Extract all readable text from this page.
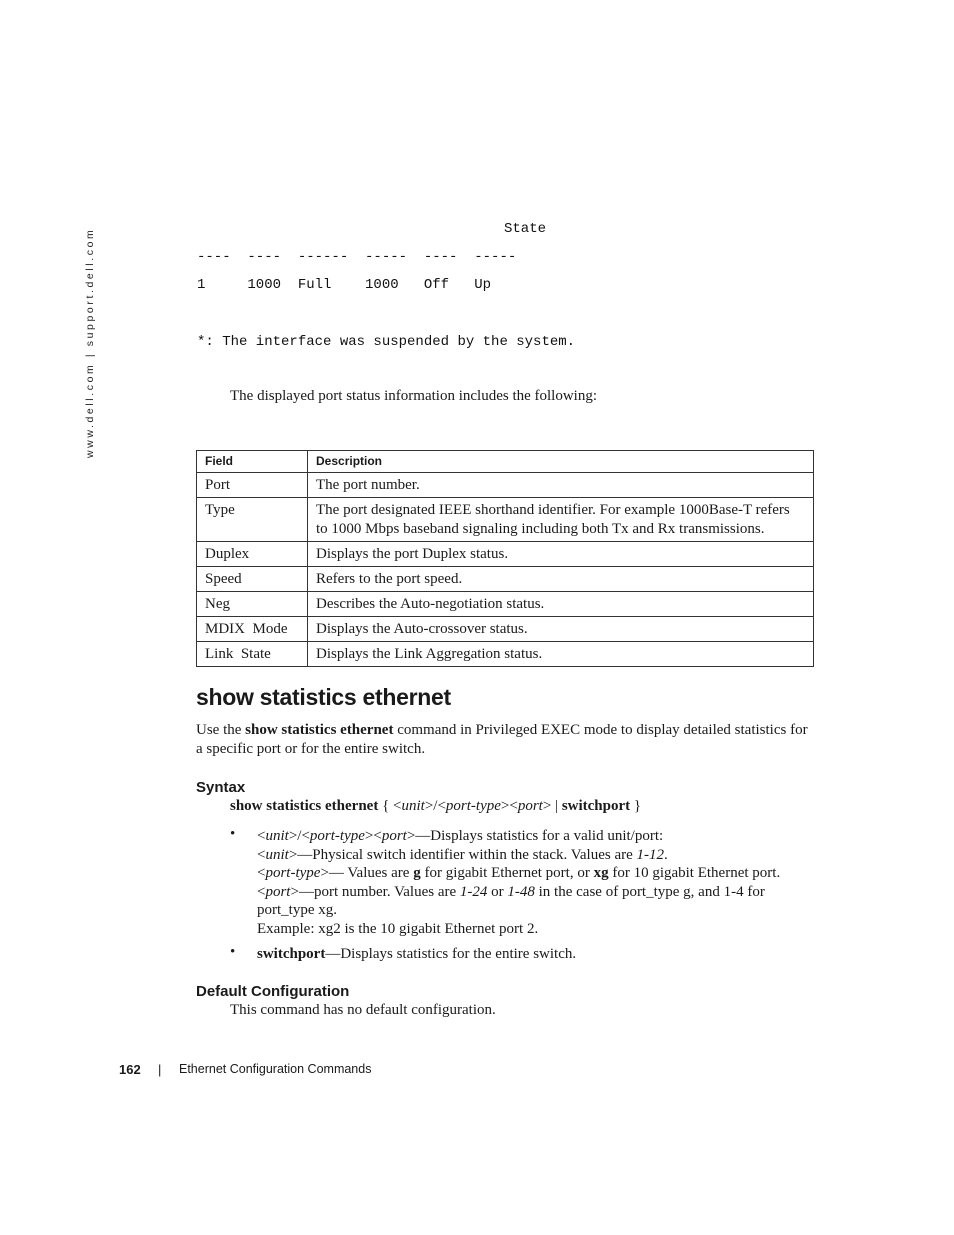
www.dell.com | support.dell.com	State
----  ----  ------  -----  ----  -----
1     1000  Full    1000   Off   Up
*: The interface was suspended by the system.
The displayed port status information includes the following:
Field	Description
Port	The port number.
Type	The port designated IEEE shorthand identifier. For example 1000Base-T refers to 1000 Mbps baseband signaling including both Tx and Rx transmissions.
Duplex	Displays the port Duplex status.
Speed	Refers to the port speed.
Neg	Describes the Auto-negotiation status.
MDIX  Mode	Displays the Auto-crossover status.
Link  State	Displays the Link Aggregation status.
show statistics ethernet

Use the show statistics ethernet command in Privileged EXEC mode to display detailed statistics for a specific port or for the entire switch.

Syntax
show statistics ethernet { <unit>/<port-type><port> | switchport }
• <unit>/<port-type><port>—Displays statistics for a valid unit/port:
<unit>—Physical switch identifier within the stack. Values are 1-12.
<port-type>— Values are g for gigabit Ethernet port, or xg for 10 gigabit Ethernet port.
<port>—port number. Values are 1-24 or 1-48 in the case of port_type g, and 1-4 for
port_type xg.
Example: xg2 is the 10 gigabit Ethernet port 2.
• switchport—Displays statistics for the entire switch.
Default Configuration
This command has no default configuration.
162 | Ethernet Configuration Commands
